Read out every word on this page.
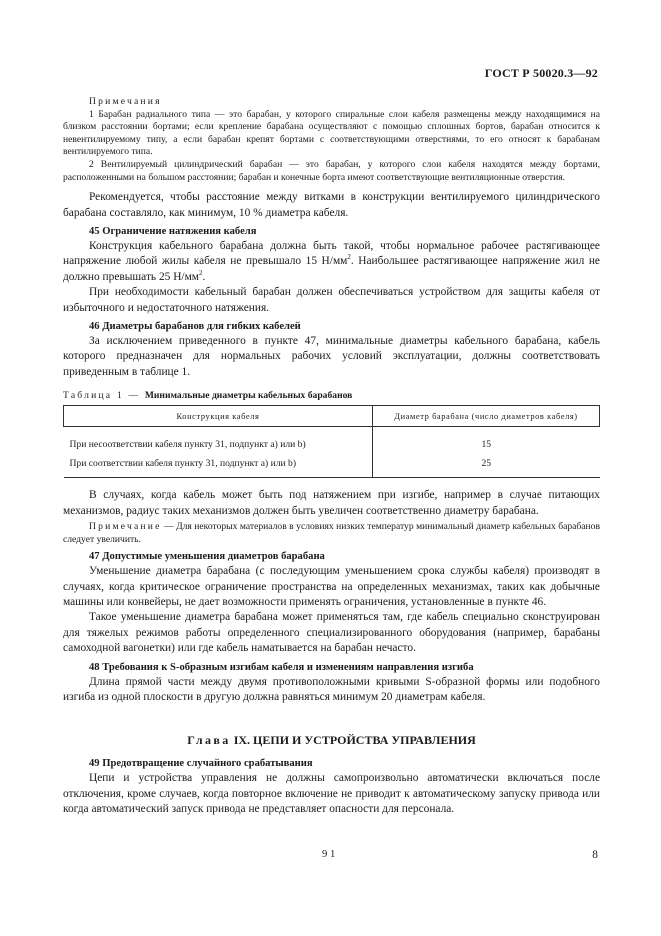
ГОСТ Р 50020.3—92

Примечания

1 Барабан радиального типа — это барабан, у которого спиральные слои кабеля размещены между находящимися на близком расстоянии бортами; если крепление барабана осуществляют с помощью сплошных бортов, барабан относится к невентилируемому типу, а если барабан крепят бортами с соответствующими отверстиями, то его относят к барабанам вентилируемого типа.

2 Вентилируемый цилиндрический барабан — это барабан, у которого слои кабеля находятся между бортами, расположенными на большом расстоянии; барабан и конечные борта имеют соответствующие вентиляционные отверстия.

Рекомендуется, чтобы расстояние между витками в конструкции вентилируемого цилиндрического барабана составляло, как минимум, 10 % диаметра кабеля.

45 Ограничение натяжения кабеля

Конструкция кабельного барабана должна быть такой, чтобы нормальное рабочее растягивающее напряжение любой жилы кабеля не превышало 15 $Н/мм^2$. Наибольшее растягивающее напряжение жил не должно превышать 25 $Н/мм^2$.

При необходимости кабельный барабан должен обеспечиваться устройством для защиты кабеля от избыточного и недостаточного натяжения.

46 Диаметры барабанов для гибких кабелей

За исключением приведенного в пункте 47, минимальные диаметры кабельного барабана, кабель которого предназначен для нормальных рабочих условий эксплуатации, должны соответствовать приведенным в таблице 1.

Таблица 1 — Минимальные диаметры кабельных барабанов
Конструкция кабеля	Диаметр барабана (число диаметров кабеля)
При несоответствии кабеля пункту 31, подпункт а) или b)	15
При соответствии кабеля пункту 31, подпункт а) или b)	25

В случаях, когда кабель может быть под натяжением при изгибе, например в случае питающих механизмов, радиус таких механизмов должен быть увеличен соответственно диаметру барабана.

Примечание — Для некоторых материалов в условиях низких температур минимальный диаметр кабельных барабанов следует увеличить.

47 Допустимые уменьшения диаметров барабана

Уменьшение диаметра барабана (с последующим уменьшением срока службы кабеля) производят в случаях, когда критическое ограничение пространства на определенных механизмах, таких как добычные машины или конвейеры, не дает возможности применять ограничения, установленные в пункте 46.

Такое уменьшение диаметра барабана может применяться там, где кабель специально сконструирован для тяжелых режимов работы определенного специализированного оборудования (например, барабаны самоходной вагонетки) или где кабель наматывается на барабан нечасто.

48 Требования к S-образным изгибам кабеля и изменениям направления изгиба

Длина прямой части между двумя противоположными кривыми S-образной формы или подобного изгиба из одной плоскости в другую должна равняться минимум 20 диаметрам кабеля.

Глава IX. ЦЕПИ И УСТРОЙСТВА УПРАВЛЕНИЯ

49 Предотвращение случайного срабатывания

Цепи и устройства управления не должны самопроизвольно автоматически включаться после отключения, кроме случаев, когда повторное включение не приводит к автоматическому запуску привода или когда автоматический запуск привода не представляет опасности для персонала.

9 1	8
